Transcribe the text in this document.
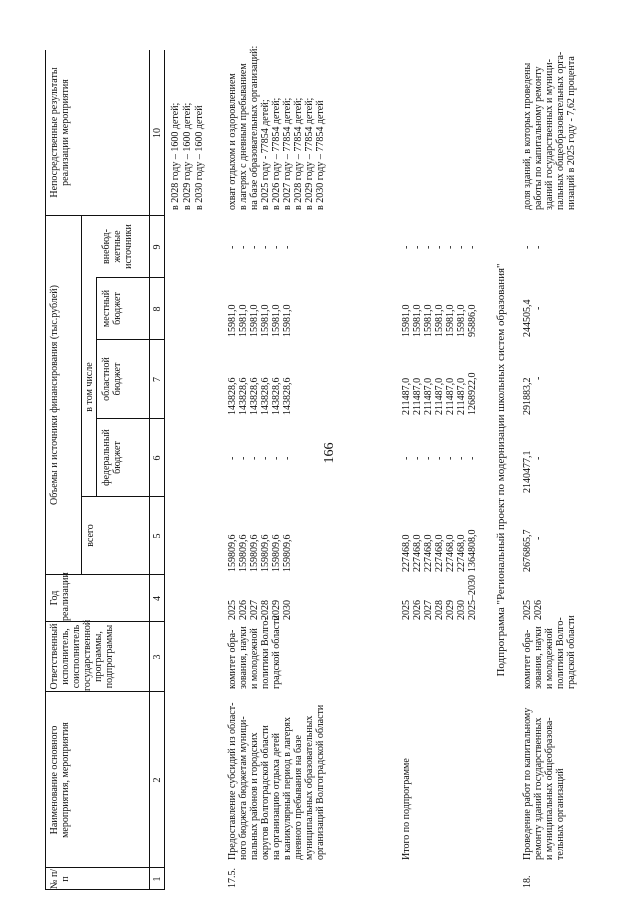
166
№ п/п
Наименование основного мероприятия, мероприятия
Ответственный исполнитель, соисполнитель государственной программы, подпрограммы
Год реализации
Объемы и источники финансирования (тыс.рублей)
всего
в том числе
федеральный бюджет
областной бюджет
местный бюджет
внебюд-жетные источники
Непосредственные результаты реализации мероприятия
1
2
3
4
5
6
7
8
9
10 в 2028 году – 1600 детей; в 2029 году – 1600 детей; в 2030 году – 1600 детей
17.5.
Предоставление субсидий из област- ного бюджета бюджетам муници- пальных районов и городских округов Волгоградской области на организацию отдыха детей в каникулярный период в лагерях дневного пребывания на базе муниципальных образовательных организаций Волгоградской области
комитет обра- зования, науки и молодежной политики Волго- градской области
2025 2026 2027 2028 2029 2030
159809,6 159809,6 159809,6 159809,6 159809,6 159809,6
- - - - - -
143828,6 143828,6 143828,6 143828,6 143828,6 143828,6
15981,0 15981,0 15981,0 15981,0 15981,0 15981,0
- - - - - -
охват отдыхом и оздоровлением в лагерях с дневным пребыванием на базе образовательных организаций: в 2025 году - 77854 детей; в 2026 году – 77854 детей; в 2027 году – 77854 детей; в 2028 году – 77854 детей; в 2029 году – 77854 детей; в 2030 году – 77854 детей
Итого по подпрограмме
2025 2026 2027 2028 2029 2030 2025–2030
227468,0 227468,0 227468,0 227468,0 227468,0 227468,0 1364808,0
- - - - - - -
211487,0 211487,0 211487,0 211487,0 211487,0 211487,0 1268922,0
15981,0 15981,0 15981,0 15981,0 15981,0 15981,0 95886,0
- - - - - - -
Подпрограмма "Региональный проект по модернизации школьных систем образования"
18.
Проведение работ по капитальному ремонту зданий государственных и муниципальных общеобразова- тельных организаций
комитет обра- зования, науки и молодежной политики Волго- градской области
2025 2026
2676865,7 -
2140477,1 -
291883,2 -
244505,4 -
- -
доля зданий, в которых проведены работы по капитальному ремонту зданий государственных и муници- пальных общеобразовательных орга- низаций в 2025 году - 7,62 процента
